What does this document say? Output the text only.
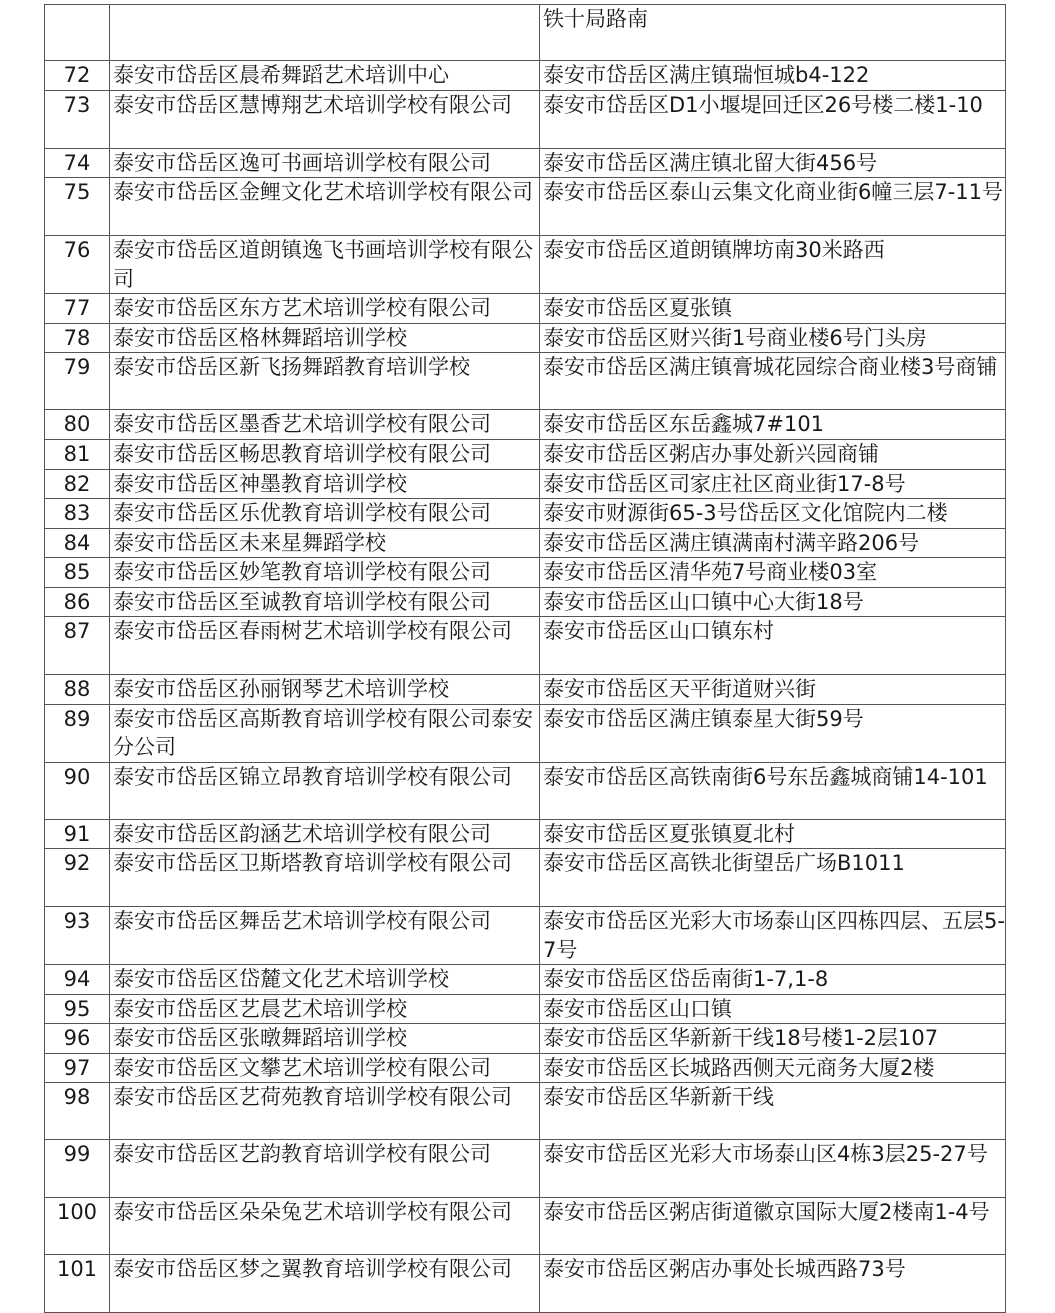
		铁十局路南
72	泰安市岱岳区晨希舞蹈艺术培训中心	泰安市岱岳区满庄镇瑞恒城b4-122
73	泰安市岱岳区慧博翔艺术培训学校有限公司	泰安市岱岳区D1小堰堤回迁区26号楼二楼1-10
74	泰安市岱岳区逸可书画培训学校有限公司	泰安市岱岳区满庄镇北留大街456号
75	泰安市岱岳区金鲤文化艺术培训学校有限公司	泰安市岱岳区泰山云集文化商业街6幢三层7-11号
76	泰安市岱岳区道朗镇逸飞书画培训学校有限公司	泰安市岱岳区道朗镇牌坊南30米路西
77	泰安市岱岳区东方艺术培训学校有限公司	泰安市岱岳区夏张镇
78	泰安市岱岳区格林舞蹈培训学校	泰安市岱岳区财兴街1号商业楼6号门头房
79	泰安市岱岳区新飞扬舞蹈教育培训学校	泰安市岱岳区满庄镇膏城花园综合商业楼3号商铺
80	泰安市岱岳区墨香艺术培训学校有限公司	泰安市岱岳区东岳鑫城7#101
81	泰安市岱岳区畅思教育培训学校有限公司	泰安市岱岳区粥店办事处新兴园商铺
82	泰安市岱岳区神墨教育培训学校	泰安市岱岳区司家庄社区商业街17-8号
83	泰安市岱岳区乐优教育培训学校有限公司	泰安市财源街65-3号岱岳区文化馆院内二楼
84	泰安市岱岳区未来星舞蹈学校	泰安市岱岳区满庄镇满南村满辛路206号
85	泰安市岱岳区妙笔教育培训学校有限公司	泰安市岱岳区清华苑7号商业楼03室
86	泰安市岱岳区至诚教育培训学校有限公司	泰安市岱岳区山口镇中心大街18号
87	泰安市岱岳区春雨树艺术培训学校有限公司	泰安市岱岳区山口镇东村
88	泰安市岱岳区孙丽钢琴艺术培训学校	泰安市岱岳区天平街道财兴街
89	泰安市岱岳区高斯教育培训学校有限公司泰安分公司	泰安市岱岳区满庄镇泰星大街59号
90	泰安市岱岳区锦立昂教育培训学校有限公司	泰安市岱岳区高铁南街6号东岳鑫城商铺14-101
91	泰安市岱岳区韵涵艺术培训学校有限公司	泰安市岱岳区夏张镇夏北村
92	泰安市岱岳区卫斯塔教育培训学校有限公司	泰安市岱岳区高铁北街望岳广场B1011
93	泰安市岱岳区舞岳艺术培训学校有限公司	泰安市岱岳区光彩大市场泰山区四栋四层、五层5-7号
94	泰安市岱岳区岱麓文化艺术培训学校	泰安市岱岳区岱岳南街1-7,1-8
95	泰安市岱岳区艺晨艺术培训学校	泰安市岱岳区山口镇
96	泰安市岱岳区张暾舞蹈培训学校	泰安市岱岳区华新新干线18号楼1-2层107
97	泰安市岱岳区文攀艺术培训学校有限公司	泰安市岱岳区长城路西侧天元商务大厦2楼
98	泰安市岱岳区艺荷苑教育培训学校有限公司	泰安市岱岳区华新新干线
99	泰安市岱岳区艺韵教育培训学校有限公司	泰安市岱岳区光彩大市场泰山区4栋3层25-27号
100	泰安市岱岳区朵朵兔艺术培训学校有限公司	泰安市岱岳区粥店街道徽京国际大厦2楼南1-4号
101	泰安市岱岳区梦之翼教育培训学校有限公司	泰安市岱岳区粥店办事处长城西路73号
